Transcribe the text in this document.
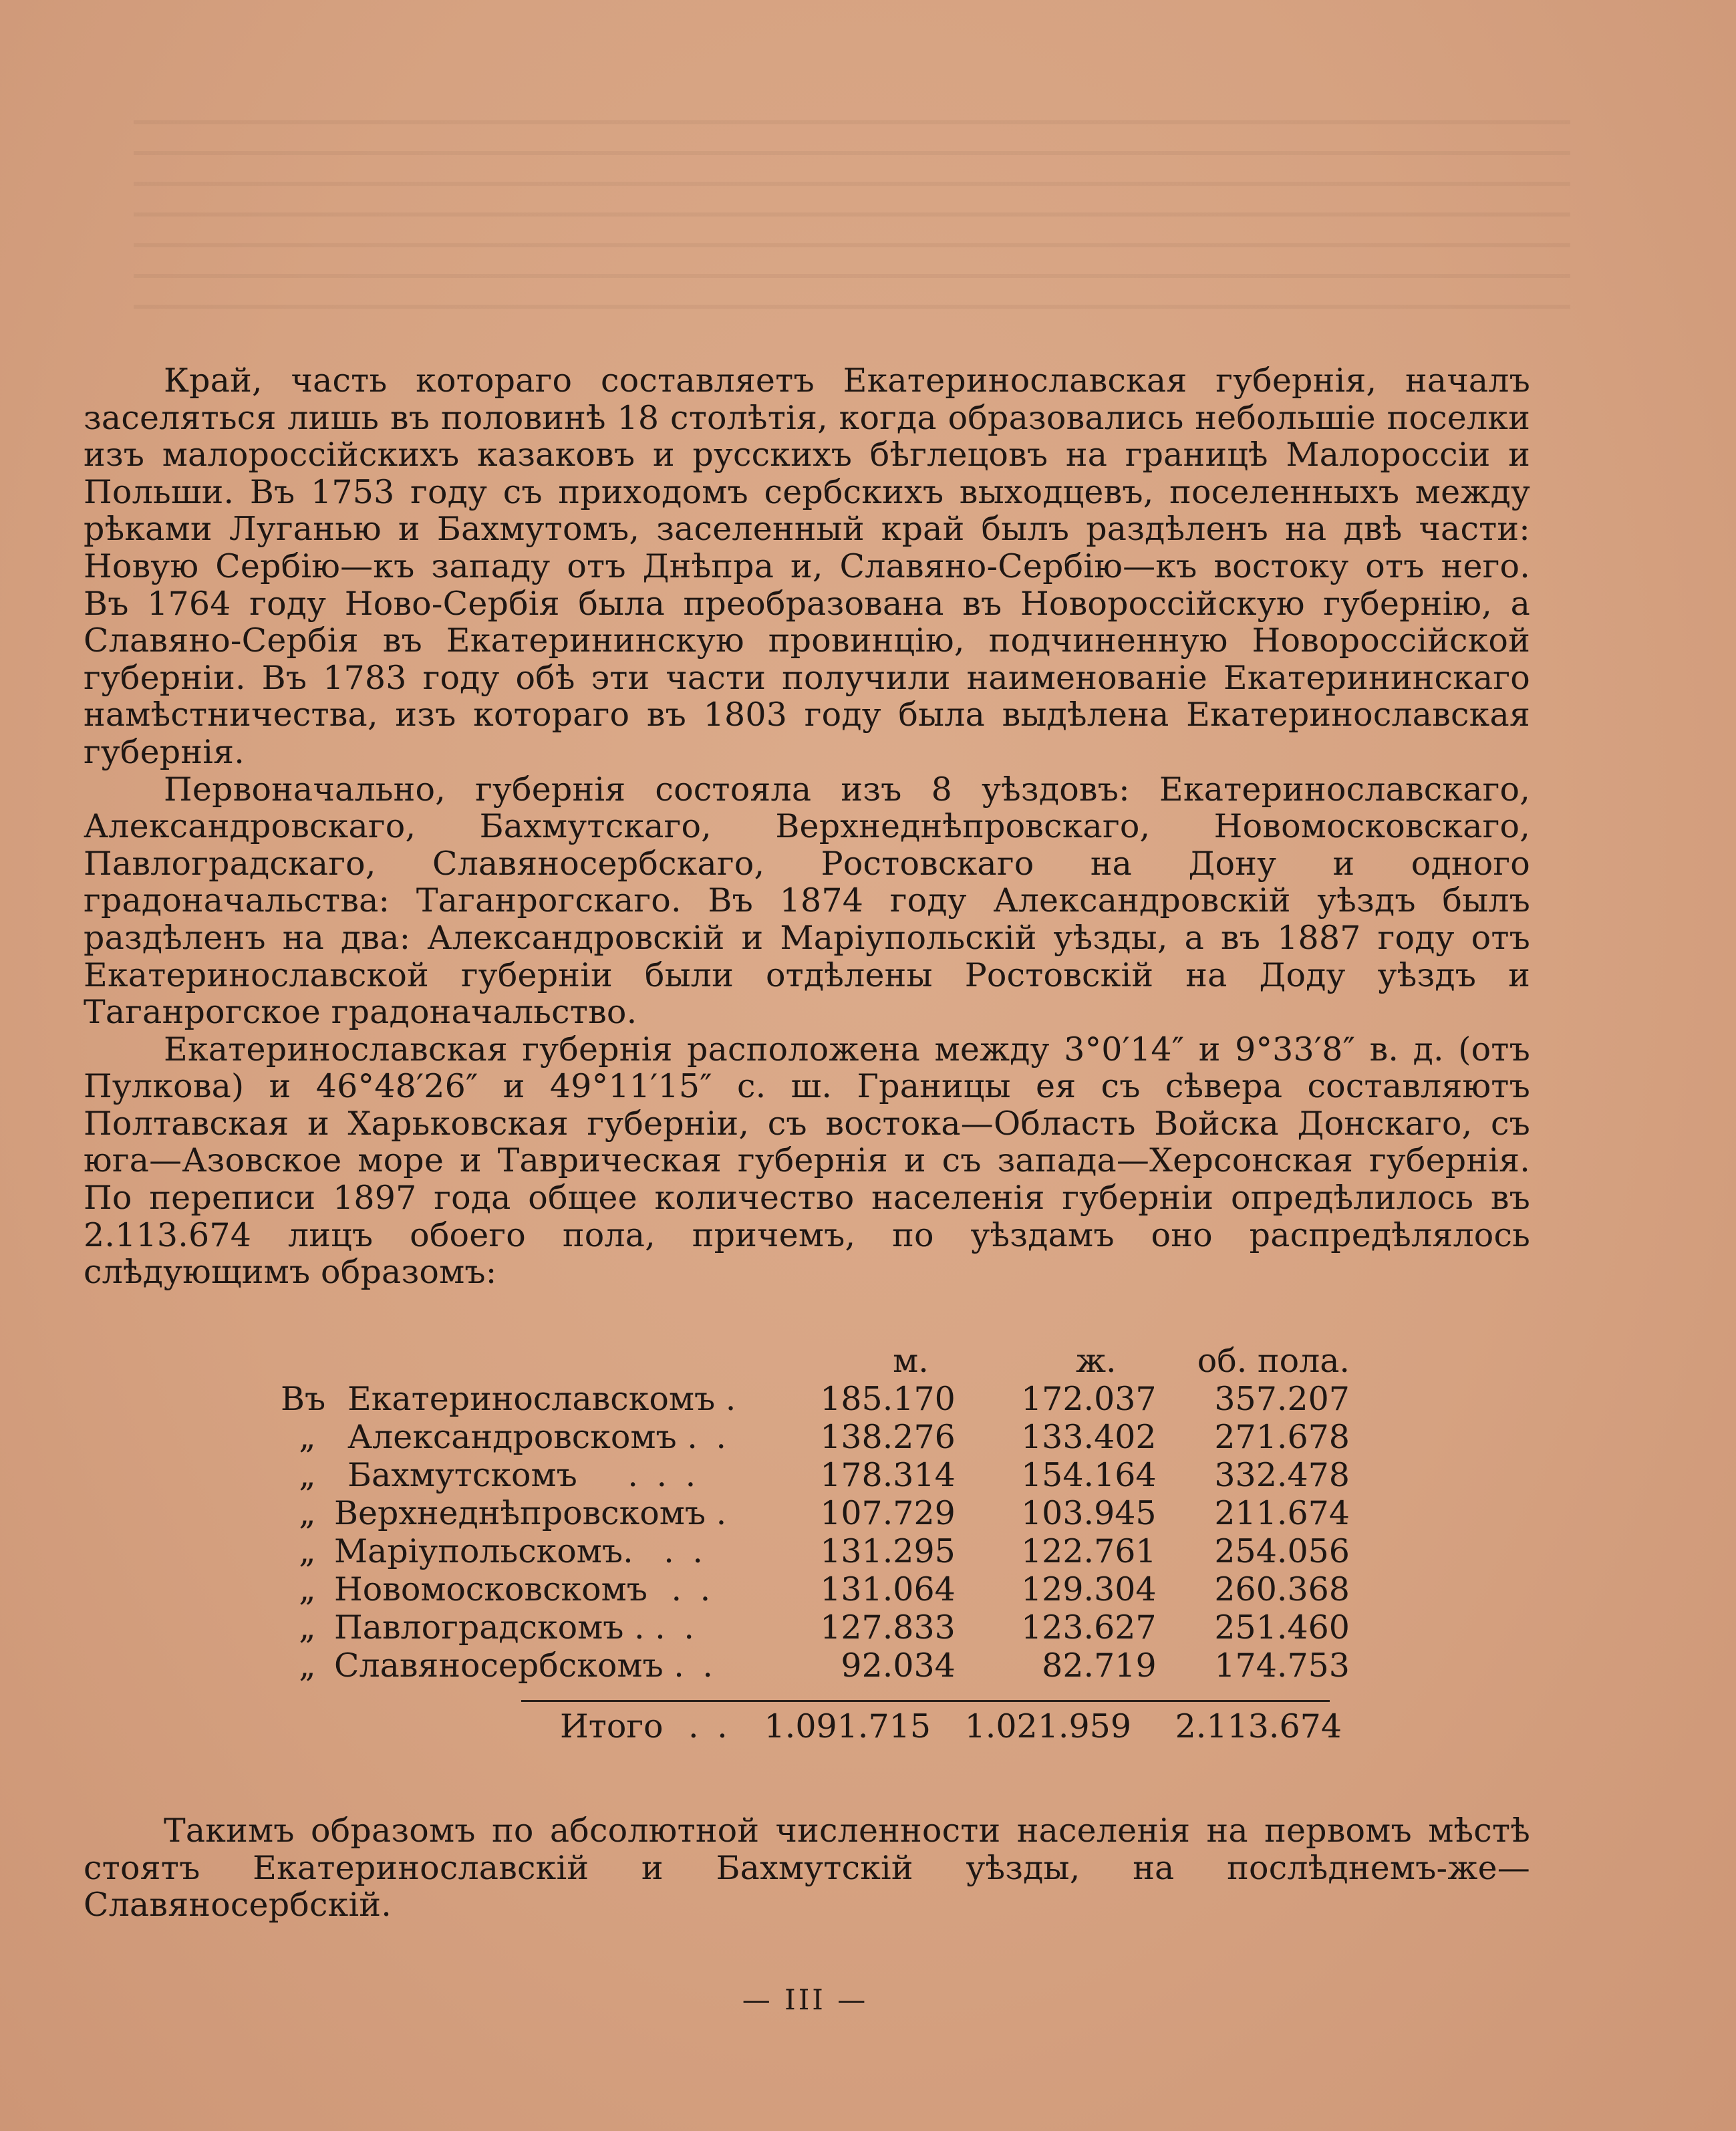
Край, часть котораго составляетъ Екатеринославская губернія, началъ заселяться лишь въ половинѣ 18 столѣтія, когда образовались небольшіе поселки изъ малороссійскихъ казаковъ и русскихъ бѣглецовъ на границѣ Малороссіи и Польши. Въ 1753 году съ приходомъ сербскихъ выходцевъ, поселенныхъ между рѣками Луганью и Бахмутомъ, заселенный край былъ раздѣленъ на двѣ части: Новую Сербію—къ западу отъ Днѣпра и, Славяно-Сербію—къ востоку отъ него. Въ 1764 году Ново-Сербія была преобразована въ Новороссійскую губернію, а Славяно-Сербія въ Екатерининскую провинцію, подчиненную Новороссійской губерніи. Въ 1783 году обѣ эти части получили наименованіе Екатерининскаго намѣстничества, изъ котораго въ 1803 году была выдѣлена Екатеринославская губернія.

Первоначально, губернія состояла изъ 8 уѣздовъ: Екатеринославскаго, Александровскаго, Бахмутскаго, Верхнеднѣпровскаго, Новомосковскаго, Павлоградскаго, Славяносербскаго, Ростовскаго на Дону и одного градоначальства: Таганрогскаго. Въ 1874 году Александровскій уѣздъ былъ раздѣленъ на два: Александровскій и Маріупольскій уѣзды, а въ 1887 году отъ Екатеринославской губерніи были отдѣлены Ростовскій на Доду уѣздъ и Таганрогское градоначальство.

Екатеринославская губернія расположена между 3°0′14″ и 9°33′8″ в. д. (отъ Пулкова) и 46°48′26″ и 49°11′15″ с. ш. Границы ея съ сѣвера составляютъ Полтавская и Харьковская губерніи, съ востока—Область Войска Донскаго, съ юга—Азовское море и Таврическая губернія и съ запада—Херсонская губернія. По переписи 1897 года общее количество населенія губерніи опредѣлилось въ 2.113.674 лицъ обоего пола, причемъ, по уѣздамъ оно распредѣлялось слѣдующимъ образомъ:

	м.	ж.	об. пола.
Въ Екатеринославскомъ .	185.170	172.037	357.207
„ Александровскомъ . .	138.276	133.402	271.678
„ Бахмутскомъ . . .	178.314	154.164	332.478
„ Верхнеднѣпровскомъ .	107.729	103.945	211.674
„ Маріупольскомъ. . .	131.295	122.761	254.056
„ Новомосковскомъ . .	131.064	129.304	260.368
„ Павлоградскомъ . . .	127.833	123.627	251.460
„ Славяносербскомъ . .	92.034	82.719	174.753
Итого . . 1.091.715 1.021.959 2.113.674

Такимъ образомъ по абсолютной численности населенія на первомъ мѣстѣ стоятъ Екатеринославскій и Бахмутскій уѣзды, на послѣднемъ-же—Славяносербскій.

— III —
